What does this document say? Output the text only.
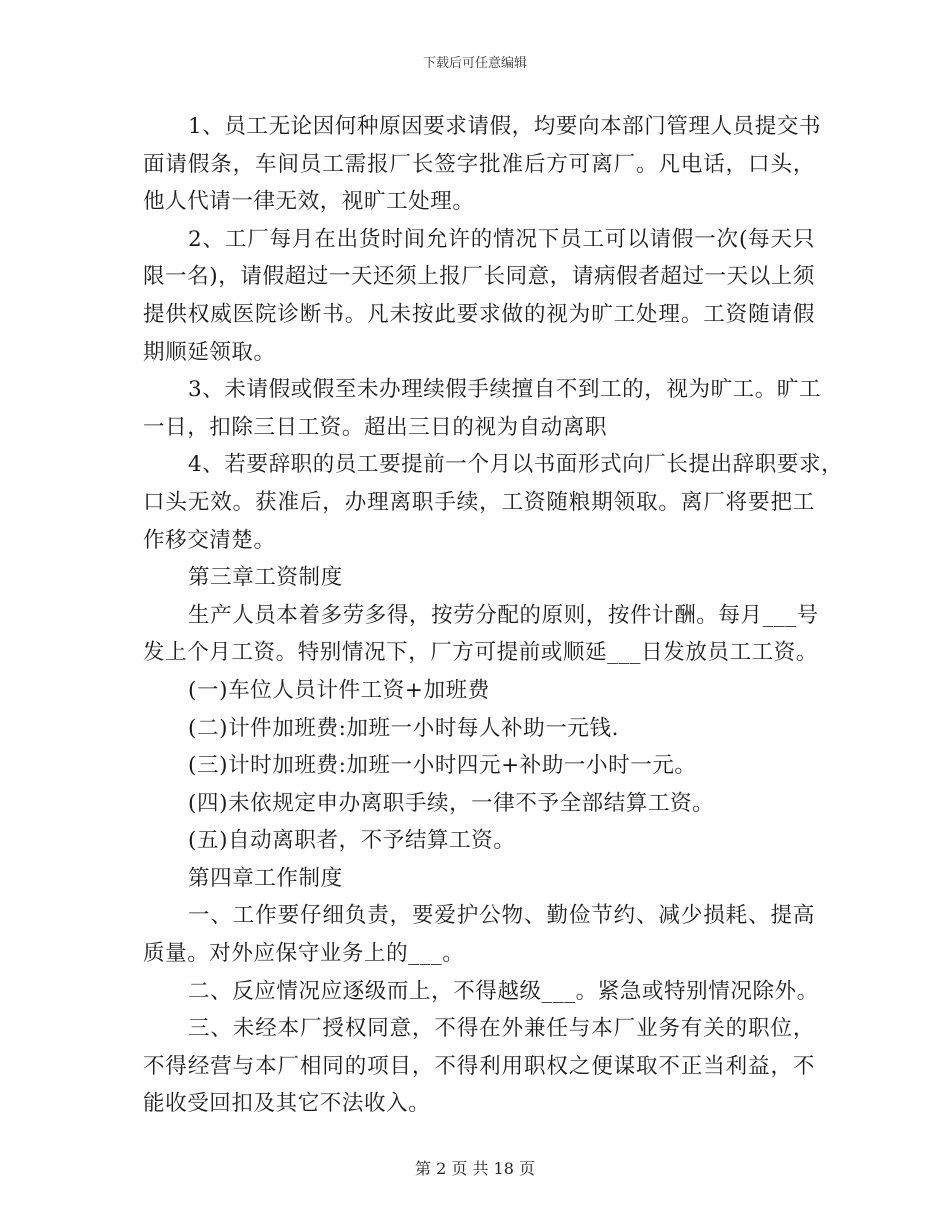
下载后可任意编辑
1、员工无论因何种原因要求请假，均要向本部门管理人员提交书
面请假条，车间员工需报厂长签字批准后方可离厂。凡电话，口头，
他人代请一律无效，视旷工处理。
2、工厂每月在出货时间允许的情况下员工可以请假一次(每天只
限一名)，请假超过一天还须上报厂长同意，请病假者超过一天以上须
提供权威医院诊断书。凡未按此要求做的视为旷工处理。工资随请假
期顺延领取。
3、未请假或假至未办理续假手续擅自不到工的，视为旷工。旷工
一日，扣除三日工资。超出三日的视为自动离职
4、若要辞职的员工要提前一个月以书面形式向厂长提出辞职要求，
口头无效。获准后，办理离职手续，工资随粮期领取。离厂将要把工
作移交清楚。
第三章工资制度
生产人员本着多劳多得，按劳分配的原则，按件计酬。每月___号
发上个月工资。特别情况下，厂方可提前或顺延___日发放员工工资。
(一)车位人员计件工资+加班费
(二)计件加班费:加班一小时每人补助一元钱.
(三)计时加班费:加班一小时四元+补助一小时一元。
(四)未依规定申办离职手续，一律不予全部结算工资。
(五)自动离职者，不予结算工资。
第四章工作制度
一、工作要仔细负责，要爱护公物、勤俭节约、减少损耗、提高
质量。对外应保守业务上的___。
二、反应情况应逐级而上，不得越级___。紧急或特别情况除外。
三、未经本厂授权同意，不得在外兼任与本厂业务有关的职位，
不得经营与本厂相同的项目，不得利用职权之便谋取不正当利益，不
能收受回扣及其它不法收入。
第 2 页 共 18 页
